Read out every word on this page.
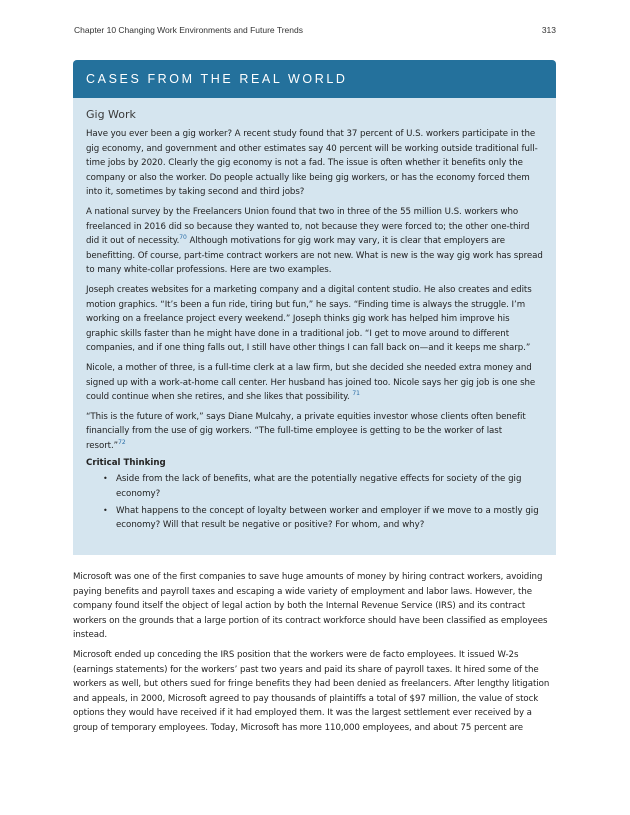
Chapter 10 Changing Work Environments and Future Trends	313
CASES FROM THE REAL WORLD
Gig Work

Have you ever been a gig worker? A recent study found that 37 percent of U.S. workers participate in the gig economy, and government and other estimates say 40 percent will be working outside traditional full-time jobs by 2020. Clearly the gig economy is not a fad. The issue is often whether it benefits only the company or also the worker. Do people actually like being gig workers, or has the economy forced them into it, sometimes by taking second and third jobs?

A national survey by the Freelancers Union found that two in three of the 55 million U.S. workers who freelanced in 2016 did so because they wanted to, not because they were forced to; the other one-third did it out of necessity.$^{70}$ Although motivations for gig work may vary, it is clear that employers are benefitting. Of course, part-time contract workers are not new. What is new is the way gig work has spread to many white-collar professions. Here are two examples.

Joseph creates websites for a marketing company and a digital content studio. He also creates and edits motion graphics. “It’s been a fun ride, tiring but fun,” he says. “Finding time is always the struggle. I’m working on a freelance project every weekend.” Joseph thinks gig work has helped him improve his graphic skills faster than he might have done in a traditional job. “I get to move around to different companies, and if one thing falls out, I still have other things I can fall back on—and it keeps me sharp.”

Nicole, a mother of three, is a full-time clerk at a law firm, but she decided she needed extra money and signed up with a work-at-home call center. Her husband has joined too. Nicole says her gig job is one she could continue when she retires, and she likes that possibility. $^{71}$

“This is the future of work,” says Diane Mulcahy, a private equities investor whose clients often benefit financially from the use of gig workers. “The full-time employee is getting to be the worker of last resort.”$^{72}$

Critical Thinking
• Aside from the lack of benefits, what are the potentially negative effects for society of the gig economy?
• What happens to the concept of loyalty between worker and employer if we move to a mostly gig economy? Will that result be negative or positive? For whom, and why?

Microsoft was one of the first companies to save huge amounts of money by hiring contract workers, avoiding paying benefits and payroll taxes and escaping a wide variety of employment and labor laws. However, the company found itself the object of legal action by both the Internal Revenue Service (IRS) and its contract workers on the grounds that a large portion of its contract workforce should have been classified as employees instead.

Microsoft ended up conceding the IRS position that the workers were de facto employees. It issued W-2s (earnings statements) for the workers’ past two years and paid its share of payroll taxes. It hired some of the workers as well, but others sued for fringe benefits they had been denied as freelancers. After lengthy litigation and appeals, in 2000, Microsoft agreed to pay thousands of plaintiffs a total of $97 million, the value of stock options they would have received if it had employed them. It was the largest settlement ever received by a group of temporary employees. Today, Microsoft has more 110,000 employees, and about 75 percent are
